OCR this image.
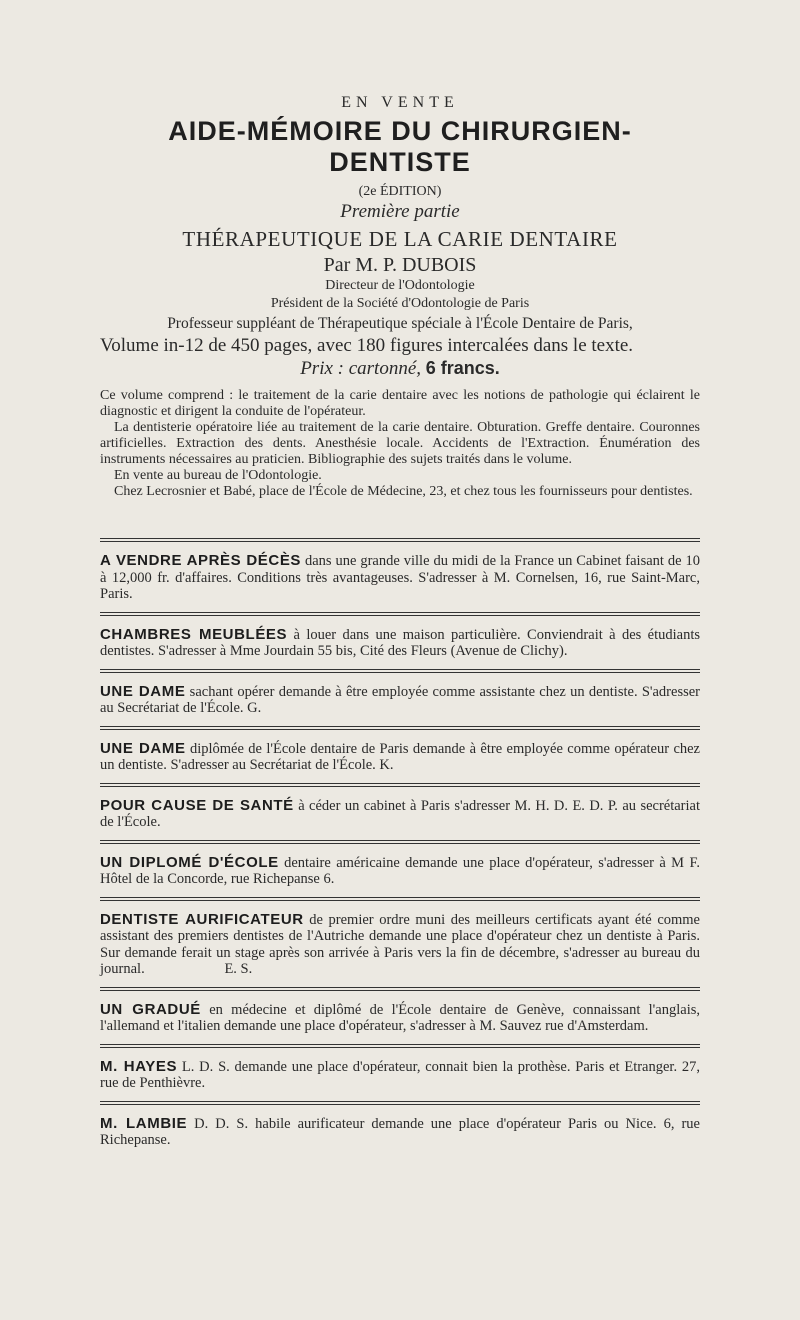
EN VENTE
AIDE-MÉMOIRE DU CHIRURGIEN-DENTISTE
(2e ÉDITION)
Première partie
THÉRAPEUTIQUE DE LA CARIE DENTAIRE
Par M. P. DUBOIS
Directeur de l'Odontologie
Président de la Société d'Odontologie de Paris
Professeur suppléant de Thérapeutique spéciale à l'École Dentaire de Paris,
Volume in-12 de 450 pages, avec 180 figures intercalées dans le texte.
Prix : cartonné, 6 francs.

Ce volume comprend : le traitement de la carie dentaire avec les notions de pathologie qui éclairent le diagnostic et dirigent la conduite de l'opérateur.

La dentisterie opératoire liée au traitement de la carie dentaire. Obturation. Greffe dentaire. Couronnes artificielles. Extraction des dents. Anesthésie locale. Accidents de l'Extraction. Énumération des instruments nécessaires au praticien. Bibliographie des sujets traités dans le volume.

En vente au bureau de l'Odontologie.

Chez Lecrosnier et Babé, place de l'École de Médecine, 23, et chez tous les fournisseurs pour dentistes.

A VENDRE APRÈS DÉCÈS dans une grande ville du midi de la France un Cabinet faisant de 10 à 12,000 fr. d'affaires. Conditions très avantageuses. S'adresser à M. Cornelsen, 16, rue Saint-Marc, Paris.

CHAMBRES MEUBLÉES à louer dans une maison particulière. Conviendrait à des étudiants dentistes. S'adresser à Mme Jourdain 55 bis, Cité des Fleurs (Avenue de Clichy).

UNE DAME sachant opérer demande à être employée comme assistante chez un dentiste. S'adresser au Secrétariat de l'École. G.

UNE DAME diplômée de l'École dentaire de Paris demande à être employée comme opérateur chez un dentiste. S'adresser au Secrétariat de l'École. K.

POUR CAUSE DE SANTÉ à céder un cabinet à Paris s'adresser M. H. D. E. D. P. au secrétariat de l'École.

UN DIPLOMÉ D'ÉCOLE dentaire américaine demande une place d'opérateur, s'adresser à M F. Hôtel de la Concorde, rue Richepanse 6.

DENTISTE AURIFICATEUR de premier ordre muni des meilleurs certificats ayant été comme assistant des premiers dentistes de l'Autriche demande une place d'opérateur chez un dentiste à Paris. Sur demande ferait un stage après son arrivée à Paris vers la fin de décembre, s'adresser au bureau du journal.                      E. S.

UN GRADUÉ en médecine et diplômé de l'École dentaire de Genève, connaissant l'anglais, l'allemand et l'italien demande une place d'opérateur, s'adresser à M. Sauvez rue d'Amsterdam.

M. HAYES L. D. S. demande une place d'opérateur, connait bien la prothèse. Paris et Etranger. 27, rue de Penthièvre.

M. LAMBIE D. D. S. habile aurificateur demande une place d'opérateur Paris ou Nice. 6, rue Richepanse.
